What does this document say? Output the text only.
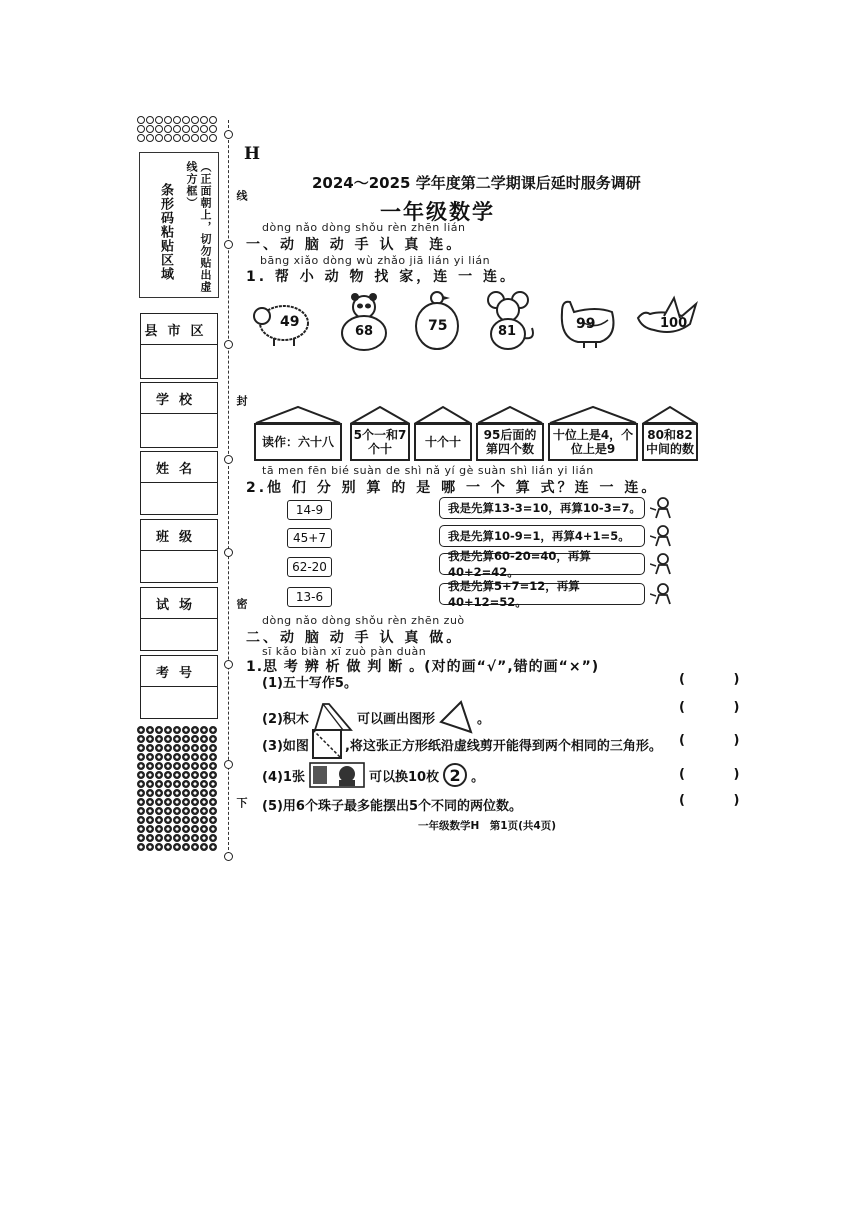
（正面朝上，切勿贴出虚线方框）
条形码粘贴区域
县市区
学校
姓名
班级
试场
考号
线
封
密
下
H
2024～2025 学年度第二学期课后延时服务调研
一年级数学
dòng nǎo dòng shǒu rèn zhēn lián
一、动 脑 动 手 认 真 连。
bāng xiǎo dòng wù zhǎo jiā lián yi lián
1. 帮 小 动 物 找 家，连 一 连。
49
68	75	81	99	100
读作：六十八	5个一和7个十	十个十	95后面的第四个数
十位上是4，个位上是9
80和82中间的数
tā men fēn bié suàn de shì nǎ yí gè suàn shì lián yi lián
2.他 们 分 别 算 的 是 哪 一 个 算 式？连 一 连。
14-9
45+7
62-20
13-6
我是先算13-3=10，再算10-3=7。
我是先算10-9=1，再算4+1=5。
我是先算60-20=40，再算40+2=42。
我是先算5+7=12，再算40+12=52。
dòng nǎo dòng shǒu rèn zhēn zuò
二、动 脑 动 手 认 真 做。
sī kǎo biàn xī zuò pàn duàn
1.思 考 辨 析 做 判 断 。(对的画“√”,错的画“×”)
(1)五十写作5。	( )
(2)积木	可以画出图形	。
( )
(3)如图	,将这张正方形纸沿虚线剪开能得到两个相同的三角形。 ( )
(4)1张	可以换10枚 2 。	( )
(5)用6个珠子最多能摆出5个不同的两位数。	( )
一年级数学H　第1页(共4页)
